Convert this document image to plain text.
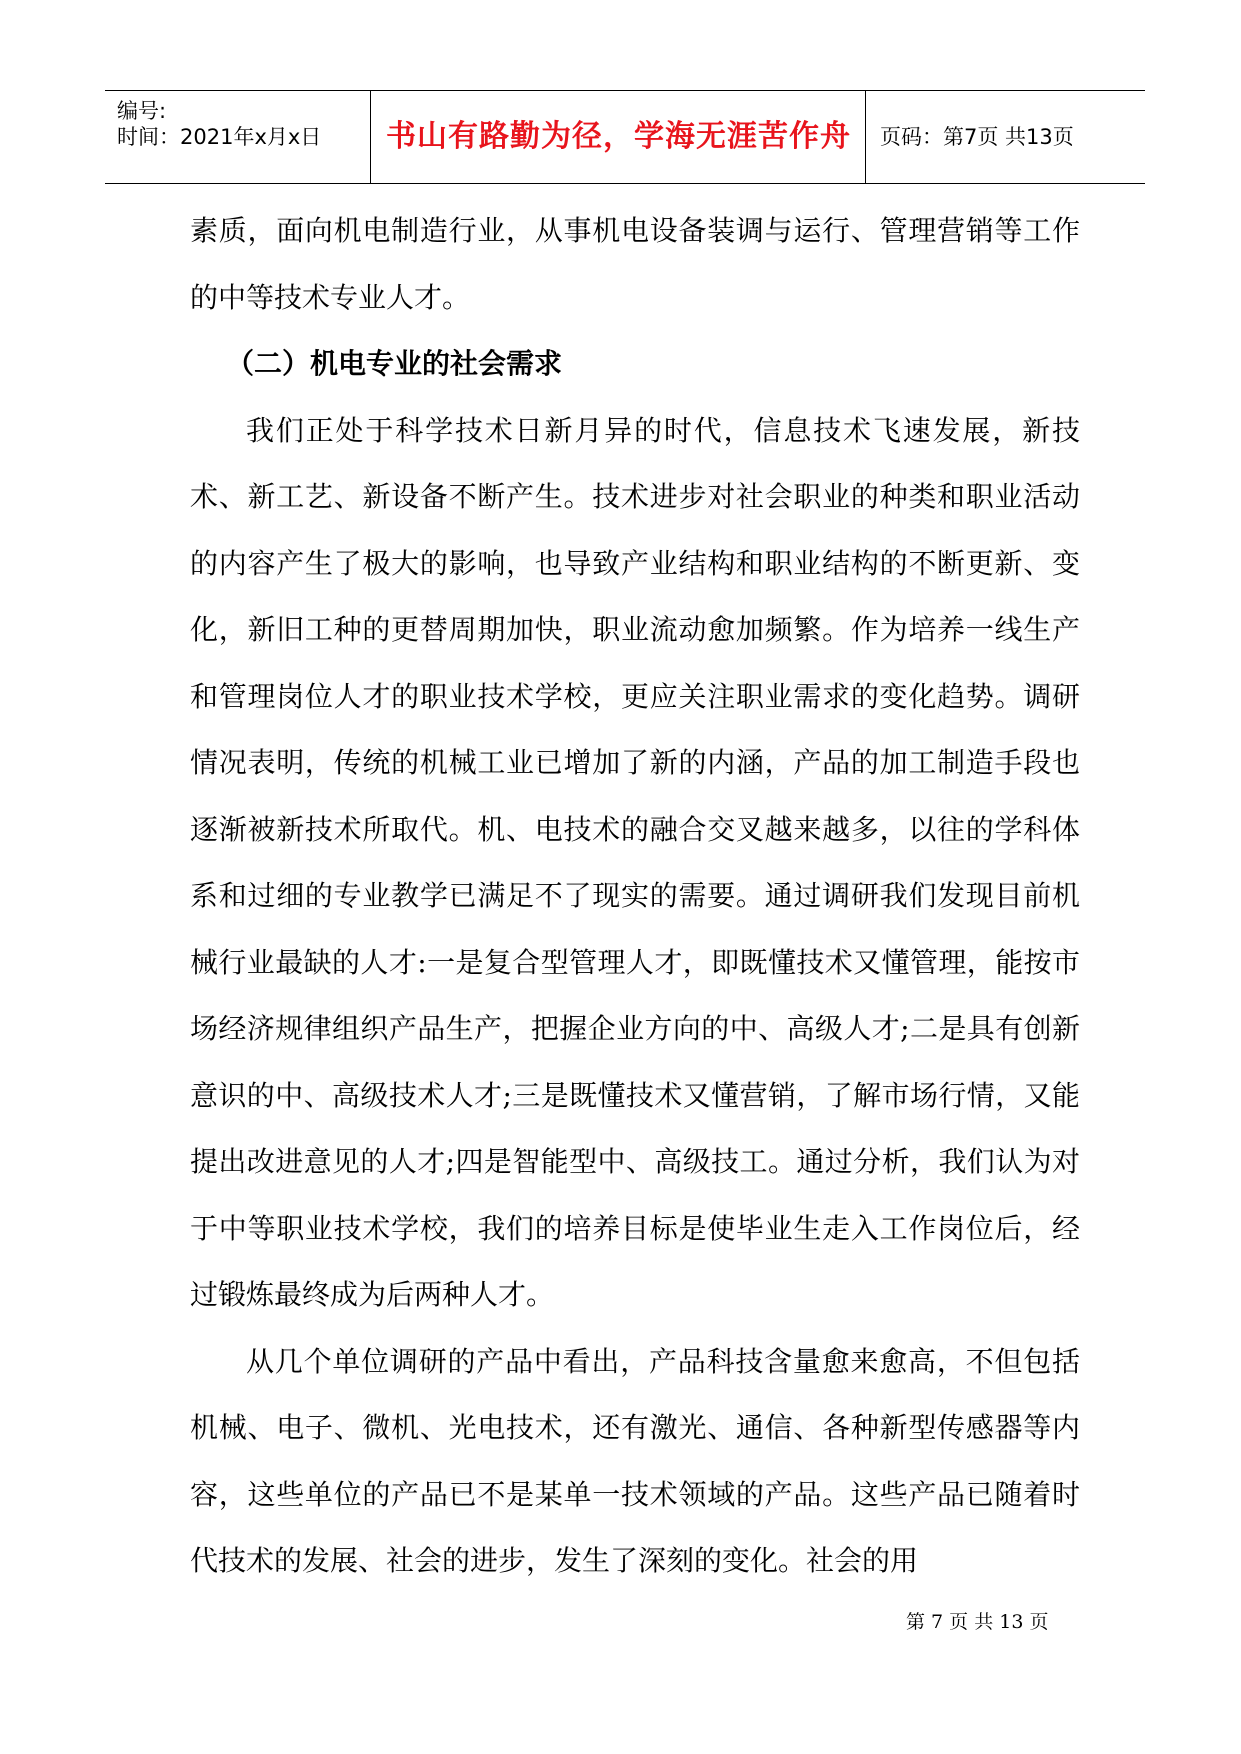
编号:
时间：2021年x月x日	书山有路勤为径，学海无涯苦作舟	页码：第7页 共13页

素质，面向机电制造行业，从事机电设备装调与运行、管理营销等工作的中等技术专业人才。

（二）机电专业的社会需求

我们正处于科学技术日新月异的时代，信息技术飞速发展，新技术、新工艺、新设备不断产生。技术进步对社会职业的种类和职业活动的内容产生了极大的影响，也导致产业结构和职业结构的不断更新、变化，新旧工种的更替周期加快，职业流动愈加频繁。作为培养一线生产和管理岗位人才的职业技术学校，更应关注职业需求的变化趋势。调研情况表明，传统的机械工业已增加了新的内涵，产品的加工制造手段也逐渐被新技术所取代。机、电技术的融合交叉越来越多，以往的学科体系和过细的专业教学已满足不了现实的需要。通过调研我们发现目前机械行业最缺的人才:一是复合型管理人才，即既懂技术又懂管理，能按市场经济规律组织产品生产，把握企业方向的中、高级人才;二是具有创新意识的中、高级技术人才;三是既懂技术又懂营销，了解市场行情，又能提出改进意见的人才;四是智能型中、高级技工。通过分析，我们认为对于中等职业技术学校，我们的培养目标是使毕业生走入工作岗位后，经过锻炼最终成为后两种人才。

从几个单位调研的产品中看出，产品科技含量愈来愈高，不但包括机械、电子、微机、光电技术，还有激光、通信、各种新型传感器等内容，这些单位的产品已不是某单一技术领域的产品。这些产品已随着时代技术的发展、社会的进步，发生了深刻的变化。社会的用

第 7 页 共 13 页
